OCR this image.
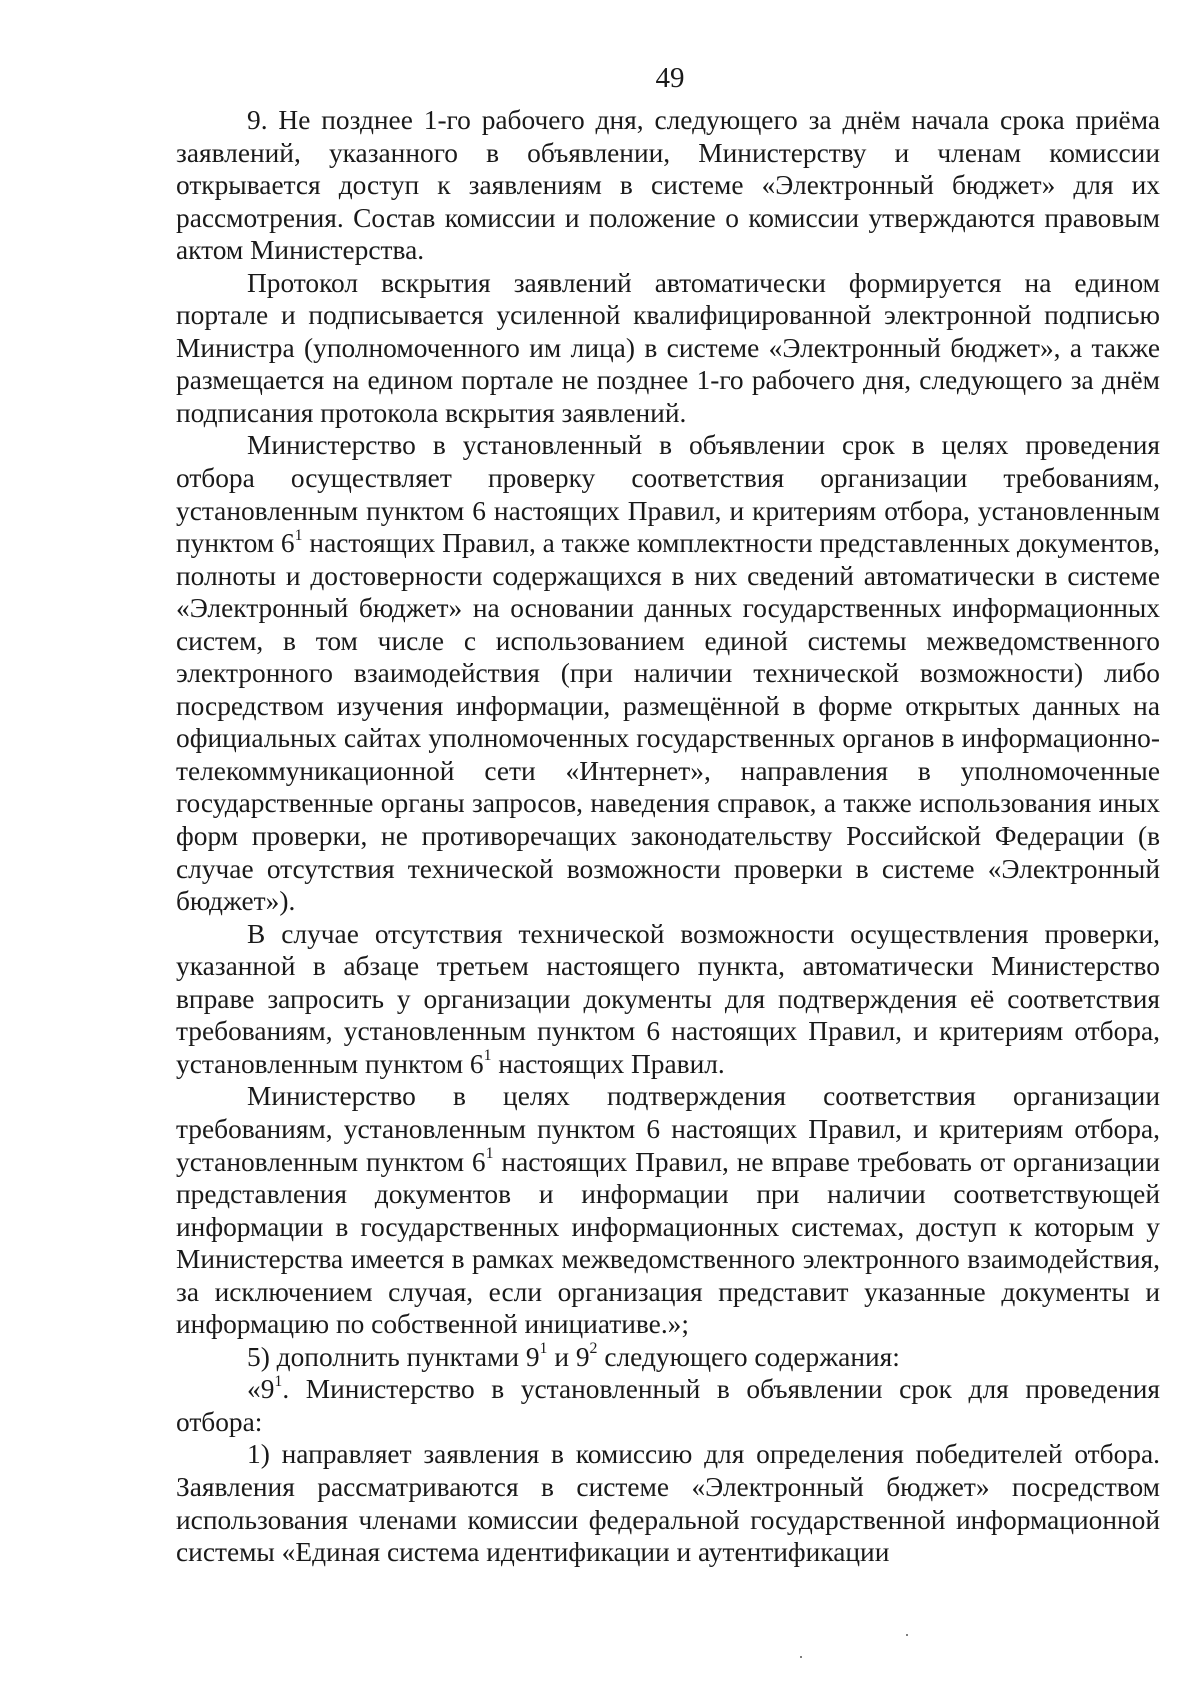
49

9. Не позднее 1-го рабочего дня, следующего за днём начала срока приёма заявлений, указанного в объявлении, Министерству и членам комиссии открывается доступ к заявлениям в системе «Электронный бюджет» для их рассмотрения. Состав комиссии и положение о комиссии утверждаются правовым актом Министерства.

Протокол вскрытия заявлений автоматически формируется на едином портале и подписывается усиленной квалифицированной электронной подписью Министра (уполномоченного им лица) в системе «Электронный бюджет», а также размещается на едином портале не позднее 1-го рабочего дня, следующего за днём подписания протокола вскрытия заявлений.

Министерство в установленный в объявлении срок в целях проведения отбора осуществляет проверку соответствия организации требованиям, установленным пунктом 6 настоящих Правил, и критериям отбора, установленным пунктом $6^1$ настоящих Правил, а также комплектности представленных документов, полноты и достоверности содержащихся в них сведений автоматически в системе «Электронный бюджет» на основании данных государственных информационных систем, в том числе с использованием единой системы межведомственного электронного взаимодействия (при наличии технической возможности) либо посредством изучения информации, размещённой в форме открытых данных на официальных сайтах уполномоченных государственных органов в информационно-телекоммуникационной сети «Интернет», направления в уполномоченные государственные органы запросов, наведения справок, а также использования иных форм проверки, не противоречащих законодательству Российской Федерации (в случае отсутствия технической возможности проверки в системе «Электронный бюджет»).

В случае отсутствия технической возможности осуществления проверки, указанной в абзаце третьем настоящего пункта, автоматически Министерство вправе запросить у организации документы для подтверждения её соответствия требованиям, установленным пунктом 6 настоящих Правил, и критериям отбора, установленным пунктом $6^1$ настоящих Правил.

Министерство в целях подтверждения соответствия организации требованиям, установленным пунктом 6 настоящих Правил, и критериям отбора, установленным пунктом $6^1$ настоящих Правил, не вправе требовать от организации представления документов и информации при наличии соответствующей информации в государственных информационных системах, доступ к которым у Министерства имеется в рамках межведомственного электронного взаимодействия, за исключением случая, если организация представит указанные документы и информацию по собственной инициативе.»;

5) дополнить пунктами $9^1$ и $9^2$ следующего содержания:

«$9^1$. Министерство в установленный в объявлении срок для проведения отбора:

1) направляет заявления в комиссию для определения победителей отбора. Заявления рассматриваются в системе «Электронный бюджет» посредством использования членами комиссии федеральной государственной информационной системы «Единая система идентификации и аутентификации
